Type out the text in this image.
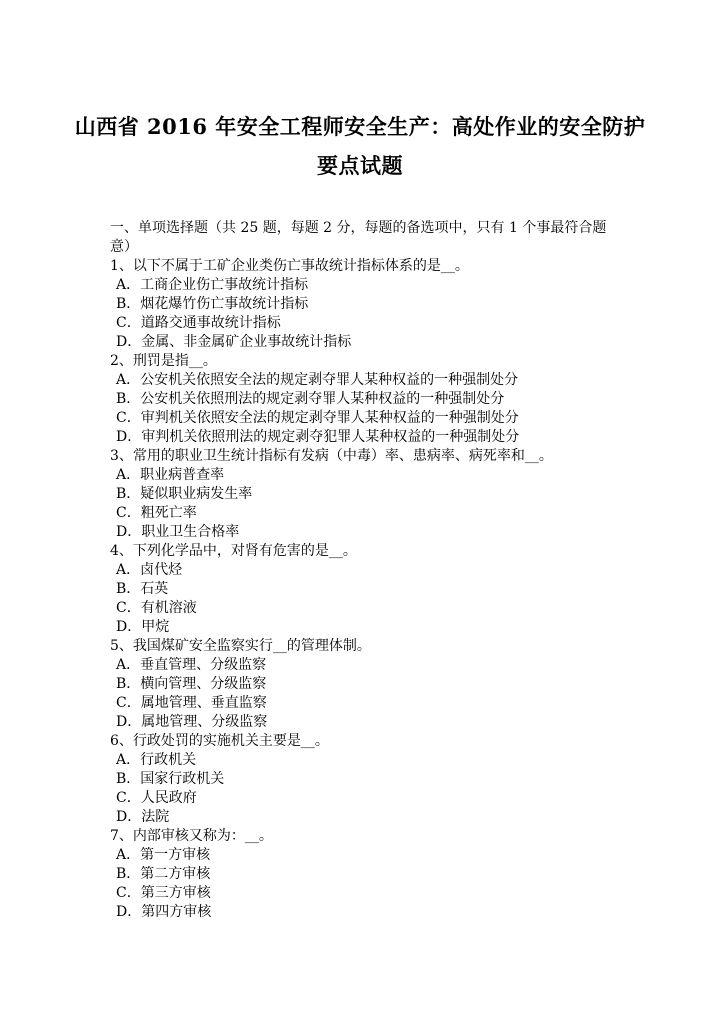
山西省 2016 年安全工程师安全生产：高处作业的安全防护
要点试题
一、单项选择题（共 25 题，每题 2 分，每题的备选项中，只有 1 个事最符合题意）
1、以下不属于工矿企业类伤亡事故统计指标体系的是__。
A．工商企业伤亡事故统计指标
B．烟花爆竹伤亡事故统计指标
C．道路交通事故统计指标
D．金属、非金属矿企业事故统计指标
2、刑罚是指__。
A．公安机关依照安全法的规定剥夺罪人某种权益的一种强制处分
B．公安机关依照刑法的规定剥夺罪人某种权益的一种强制处分
C．审判机关依照安全法的规定剥夺罪人某种权益的一种强制处分
D．审判机关依照刑法的规定剥夺犯罪人某种权益的一种强制处分
3、常用的职业卫生统计指标有发病（中毒）率、患病率、病死率和__。
A．职业病普查率
B．疑似职业病发生率
C．粗死亡率
D．职业卫生合格率
4、下列化学品中，对肾有危害的是__。
A．卤代烃
B．石英
C．有机溶液
D．甲烷
5、我国煤矿安全监察实行__的管理体制。
A．垂直管理、分级监察
B．横向管理、分级监察
C．属地管理、垂直监察
D．属地管理、分级监察
6、行政处罚的实施机关主要是__。
A．行政机关
B．国家行政机关
C．人民政府
D．法院
7、内部审核又称为：__。
A．第一方审核
B．第二方审核
C．第三方审核
D．第四方审核
